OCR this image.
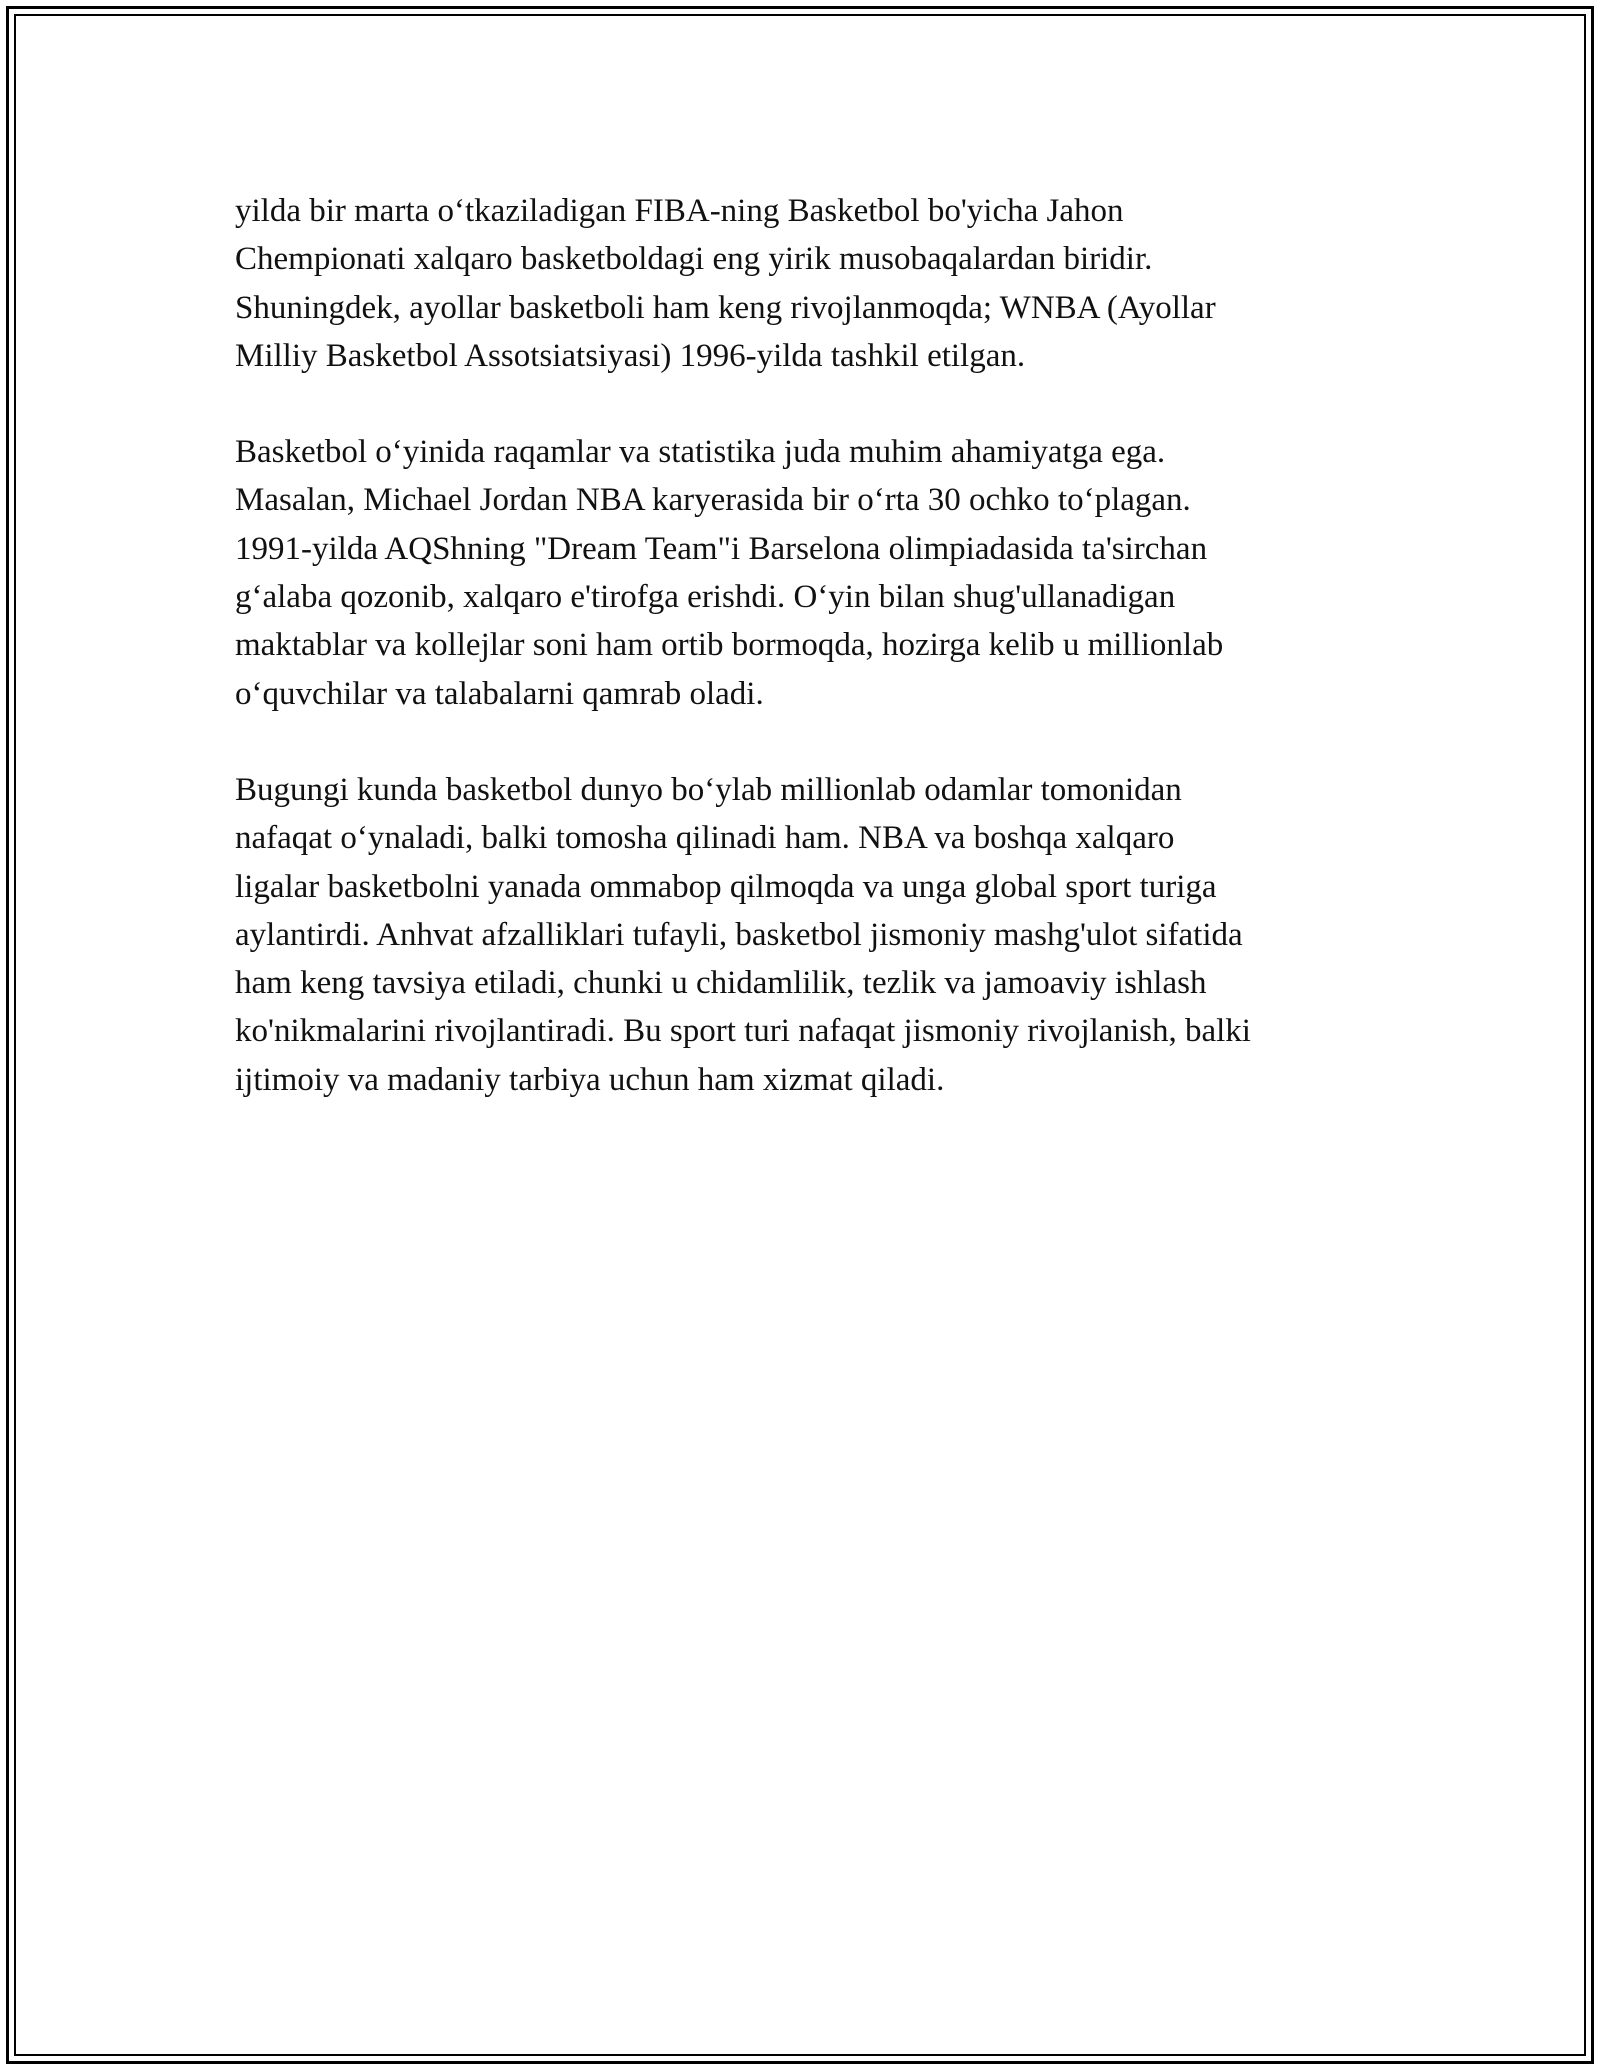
yilda bir marta o‘tkaziladigan FIBA-ning Basketbol bo'yicha Jahon
Chempionati xalqaro basketboldagi eng yirik musobaqalardan biridir.
Shuningdek, ayollar basketboli ham keng rivojlanmoqda; WNBA (Ayollar
Milliy Basketbol Assotsiatsiyasi) 1996-yilda tashkil etilgan.

Basketbol o‘yinida raqamlar va statistika juda muhim ahamiyatga ega.
Masalan, Michael Jordan NBA karyerasida bir o‘rta 30 ochko to‘plagan.
1991-yilda AQShning "Dream Team"i Barselona olimpiadasida ta'sirchan
g‘alaba qozonib, xalqaro e'tirofga erishdi. O‘yin bilan shug'ullanadigan
maktablar va kollejlar soni ham ortib bormoqda, hozirga kelib u millionlab
o‘quvchilar va talabalarni qamrab oladi.

Bugungi kunda basketbol dunyo bo‘ylab millionlab odamlar tomonidan
nafaqat o‘ynaladi, balki tomosha qilinadi ham. NBA va boshqa xalqaro
ligalar basketbolni yanada ommabop qilmoqda va unga global sport turiga
aylantirdi. Anhvat afzalliklari tufayli, basketbol jismoniy mashg'ulot sifatida
ham keng tavsiya etiladi, chunki u chidamlilik, tezlik va jamoaviy ishlash
ko'nikmalarini rivojlantiradi. Bu sport turi nafaqat jismoniy rivojlanish, balki
ijtimoiy va madaniy tarbiya uchun ham xizmat qiladi.
